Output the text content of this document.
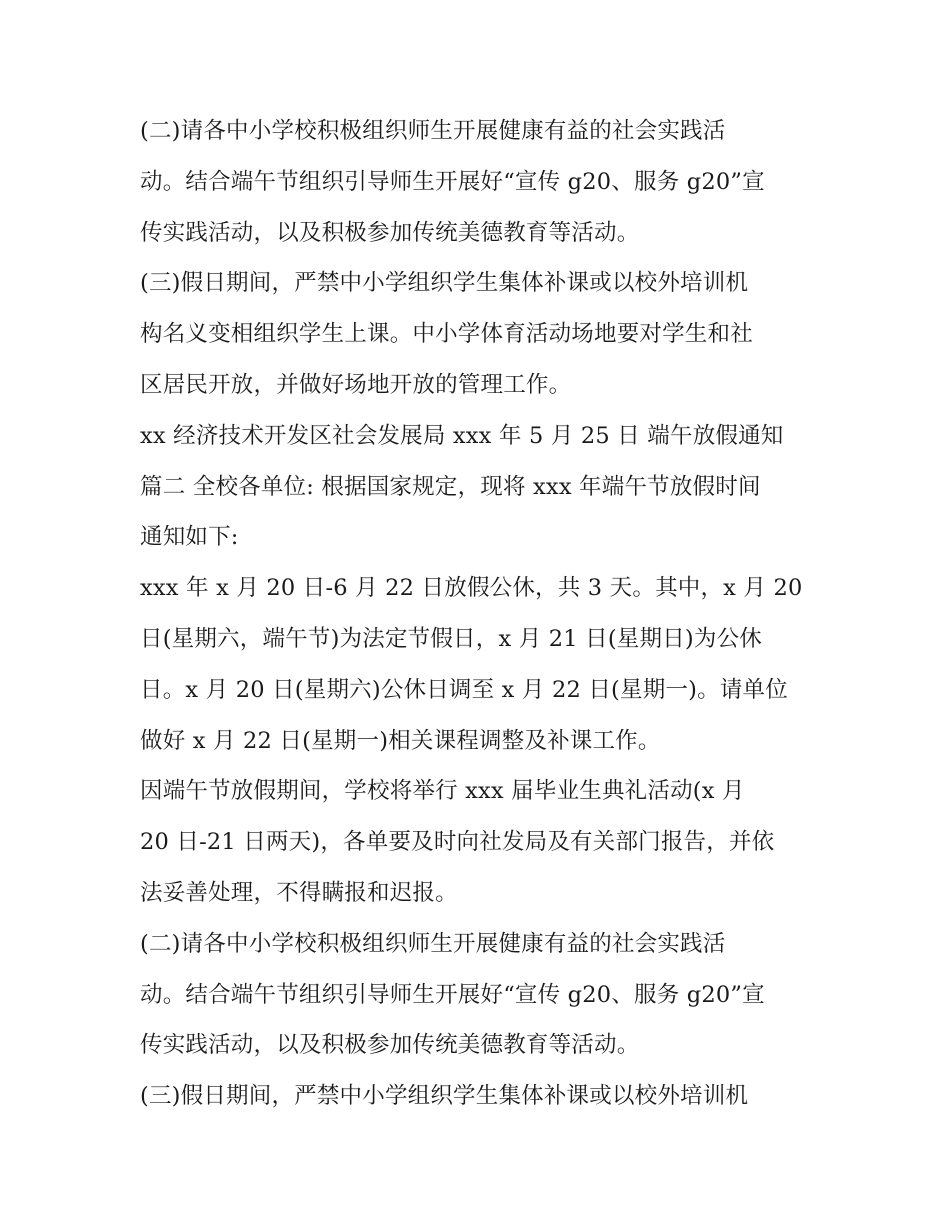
(二)请各中小学校积极组织师生开展健康有益的社会实践活
动。结合端午节组织引导师生开展好“宣传 g20、服务 g20”宣
传实践活动，以及积极参加传统美德教育等活动。
(三)假日期间，严禁中小学组织学生集体补课或以校外培训机
构名义变相组织学生上课。中小学体育活动场地要对学生和社
区居民开放，并做好场地开放的管理工作。
xx 经济技术开发区社会发展局 xxx 年 5 月 25 日 端午放假通知
篇二 全校各单位: 根据国家规定，现将 xxx 年端午节放假时间
通知如下:
xxx 年 x 月 20 日-6 月 22 日放假公休，共 3 天。其中，x 月 20
日(星期六，端午节)为法定节假日，x 月 21 日(星期日)为公休
日。x 月 20 日(星期六)公休日调至 x 月 22 日(星期一)。请单位
做好 x 月 22 日(星期一)相关课程调整及补课工作。
因端午节放假期间，学校将举行 xxx 届毕业生典礼活动(x 月
20 日-21 日两天)，各单要及时向社发局及有关部门报告，并依
法妥善处理，不得瞒报和迟报。
(二)请各中小学校积极组织师生开展健康有益的社会实践活
动。结合端午节组织引导师生开展好“宣传 g20、服务 g20”宣
传实践活动，以及积极参加传统美德教育等活动。
(三)假日期间，严禁中小学组织学生集体补课或以校外培训机
